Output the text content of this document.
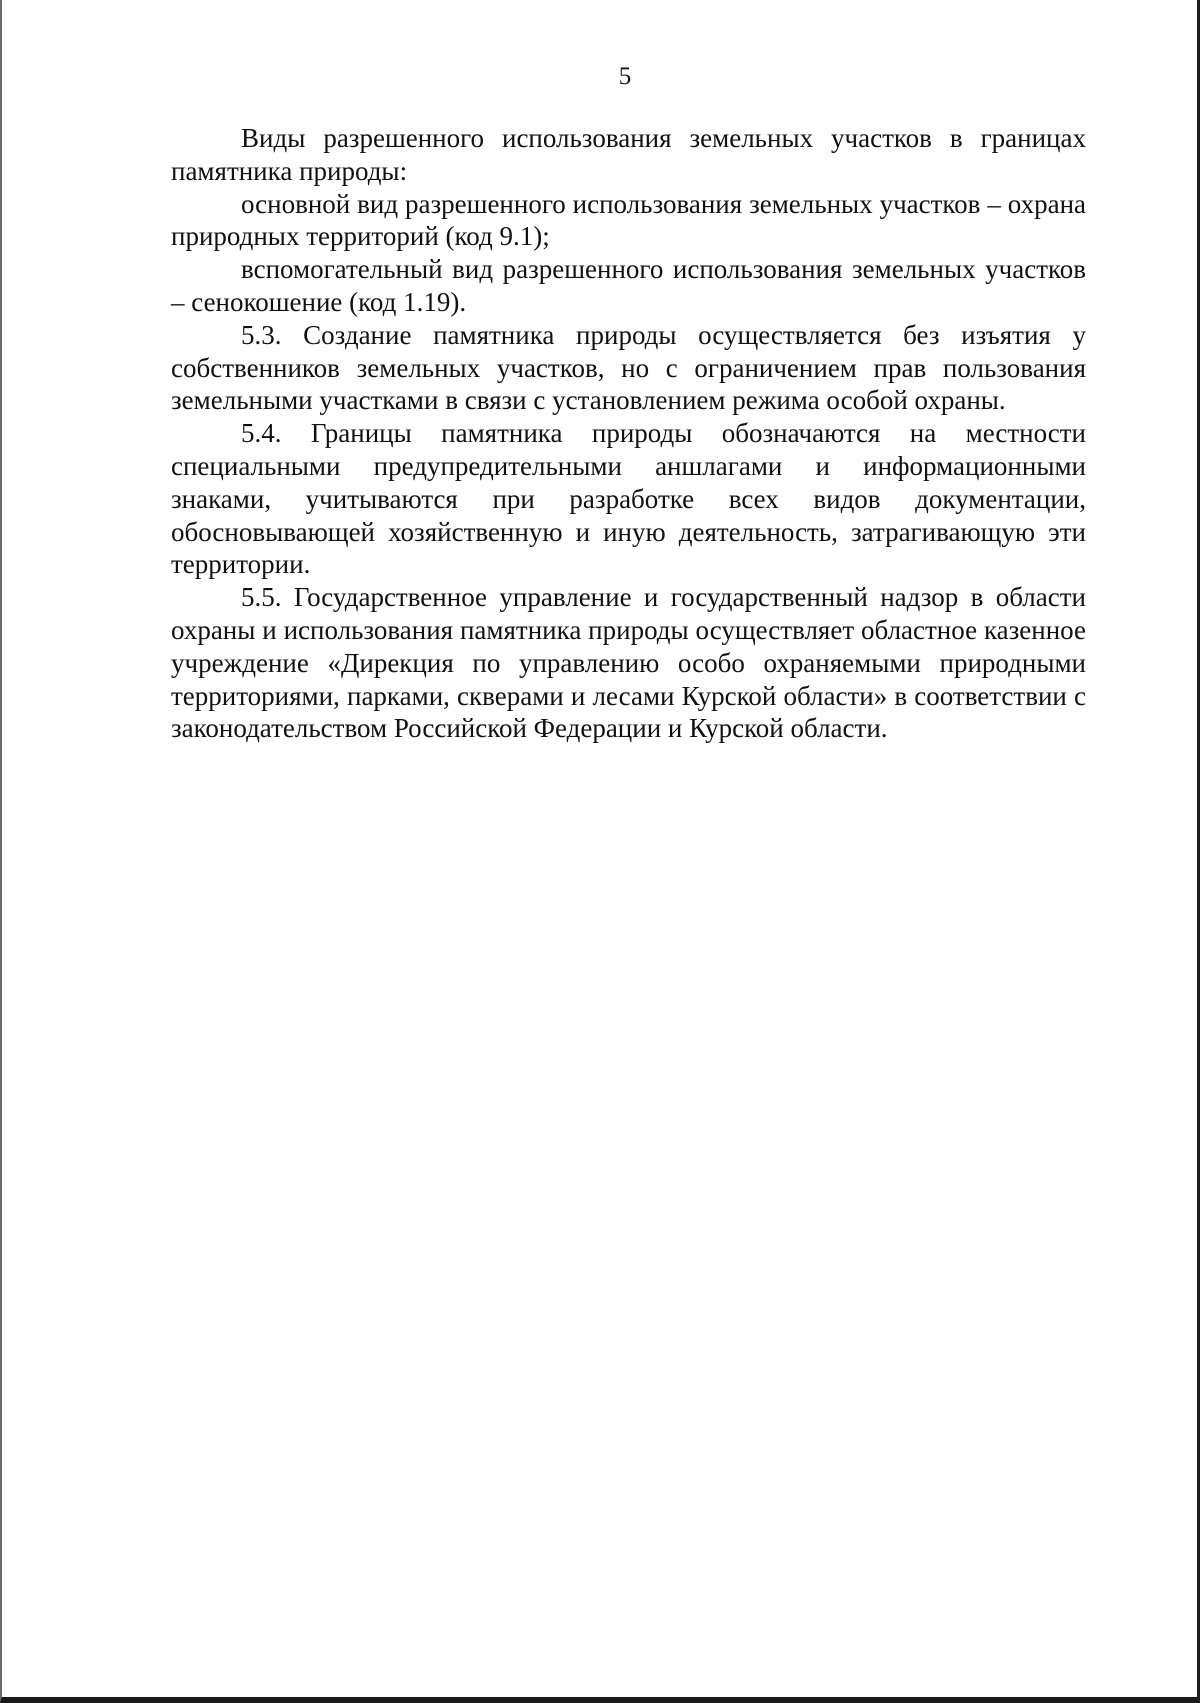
5

Виды разрешенного использования земельных участков в границах памятника природы:

основной вид разрешенного использования земельных участков – охрана природных территорий (код 9.1);

вспомогательный вид разрешенного использования земельных участков – сенокошение (код 1.19).

5.3. Создание памятника природы осуществляется без изъятия у собственников земельных участков, но с ограничением прав пользования земельными участками в связи с установлением режима особой охраны.

5.4. Границы памятника природы обозначаются на местности специальными предупредительными аншлагами и информационными знаками, учитываются при разработке всех видов документации, обосновывающей хозяйственную и иную деятельность, затрагивающую эти территории.

5.5. Государственное управление и государственный надзор в области охраны и использования памятника природы осуществляет областное казенное учреждение «Дирекция по управлению особо охраняемыми природными территориями, парками, скверами и лесами Курской области» в соответствии с законодательством Российской Федерации и Курской области.
